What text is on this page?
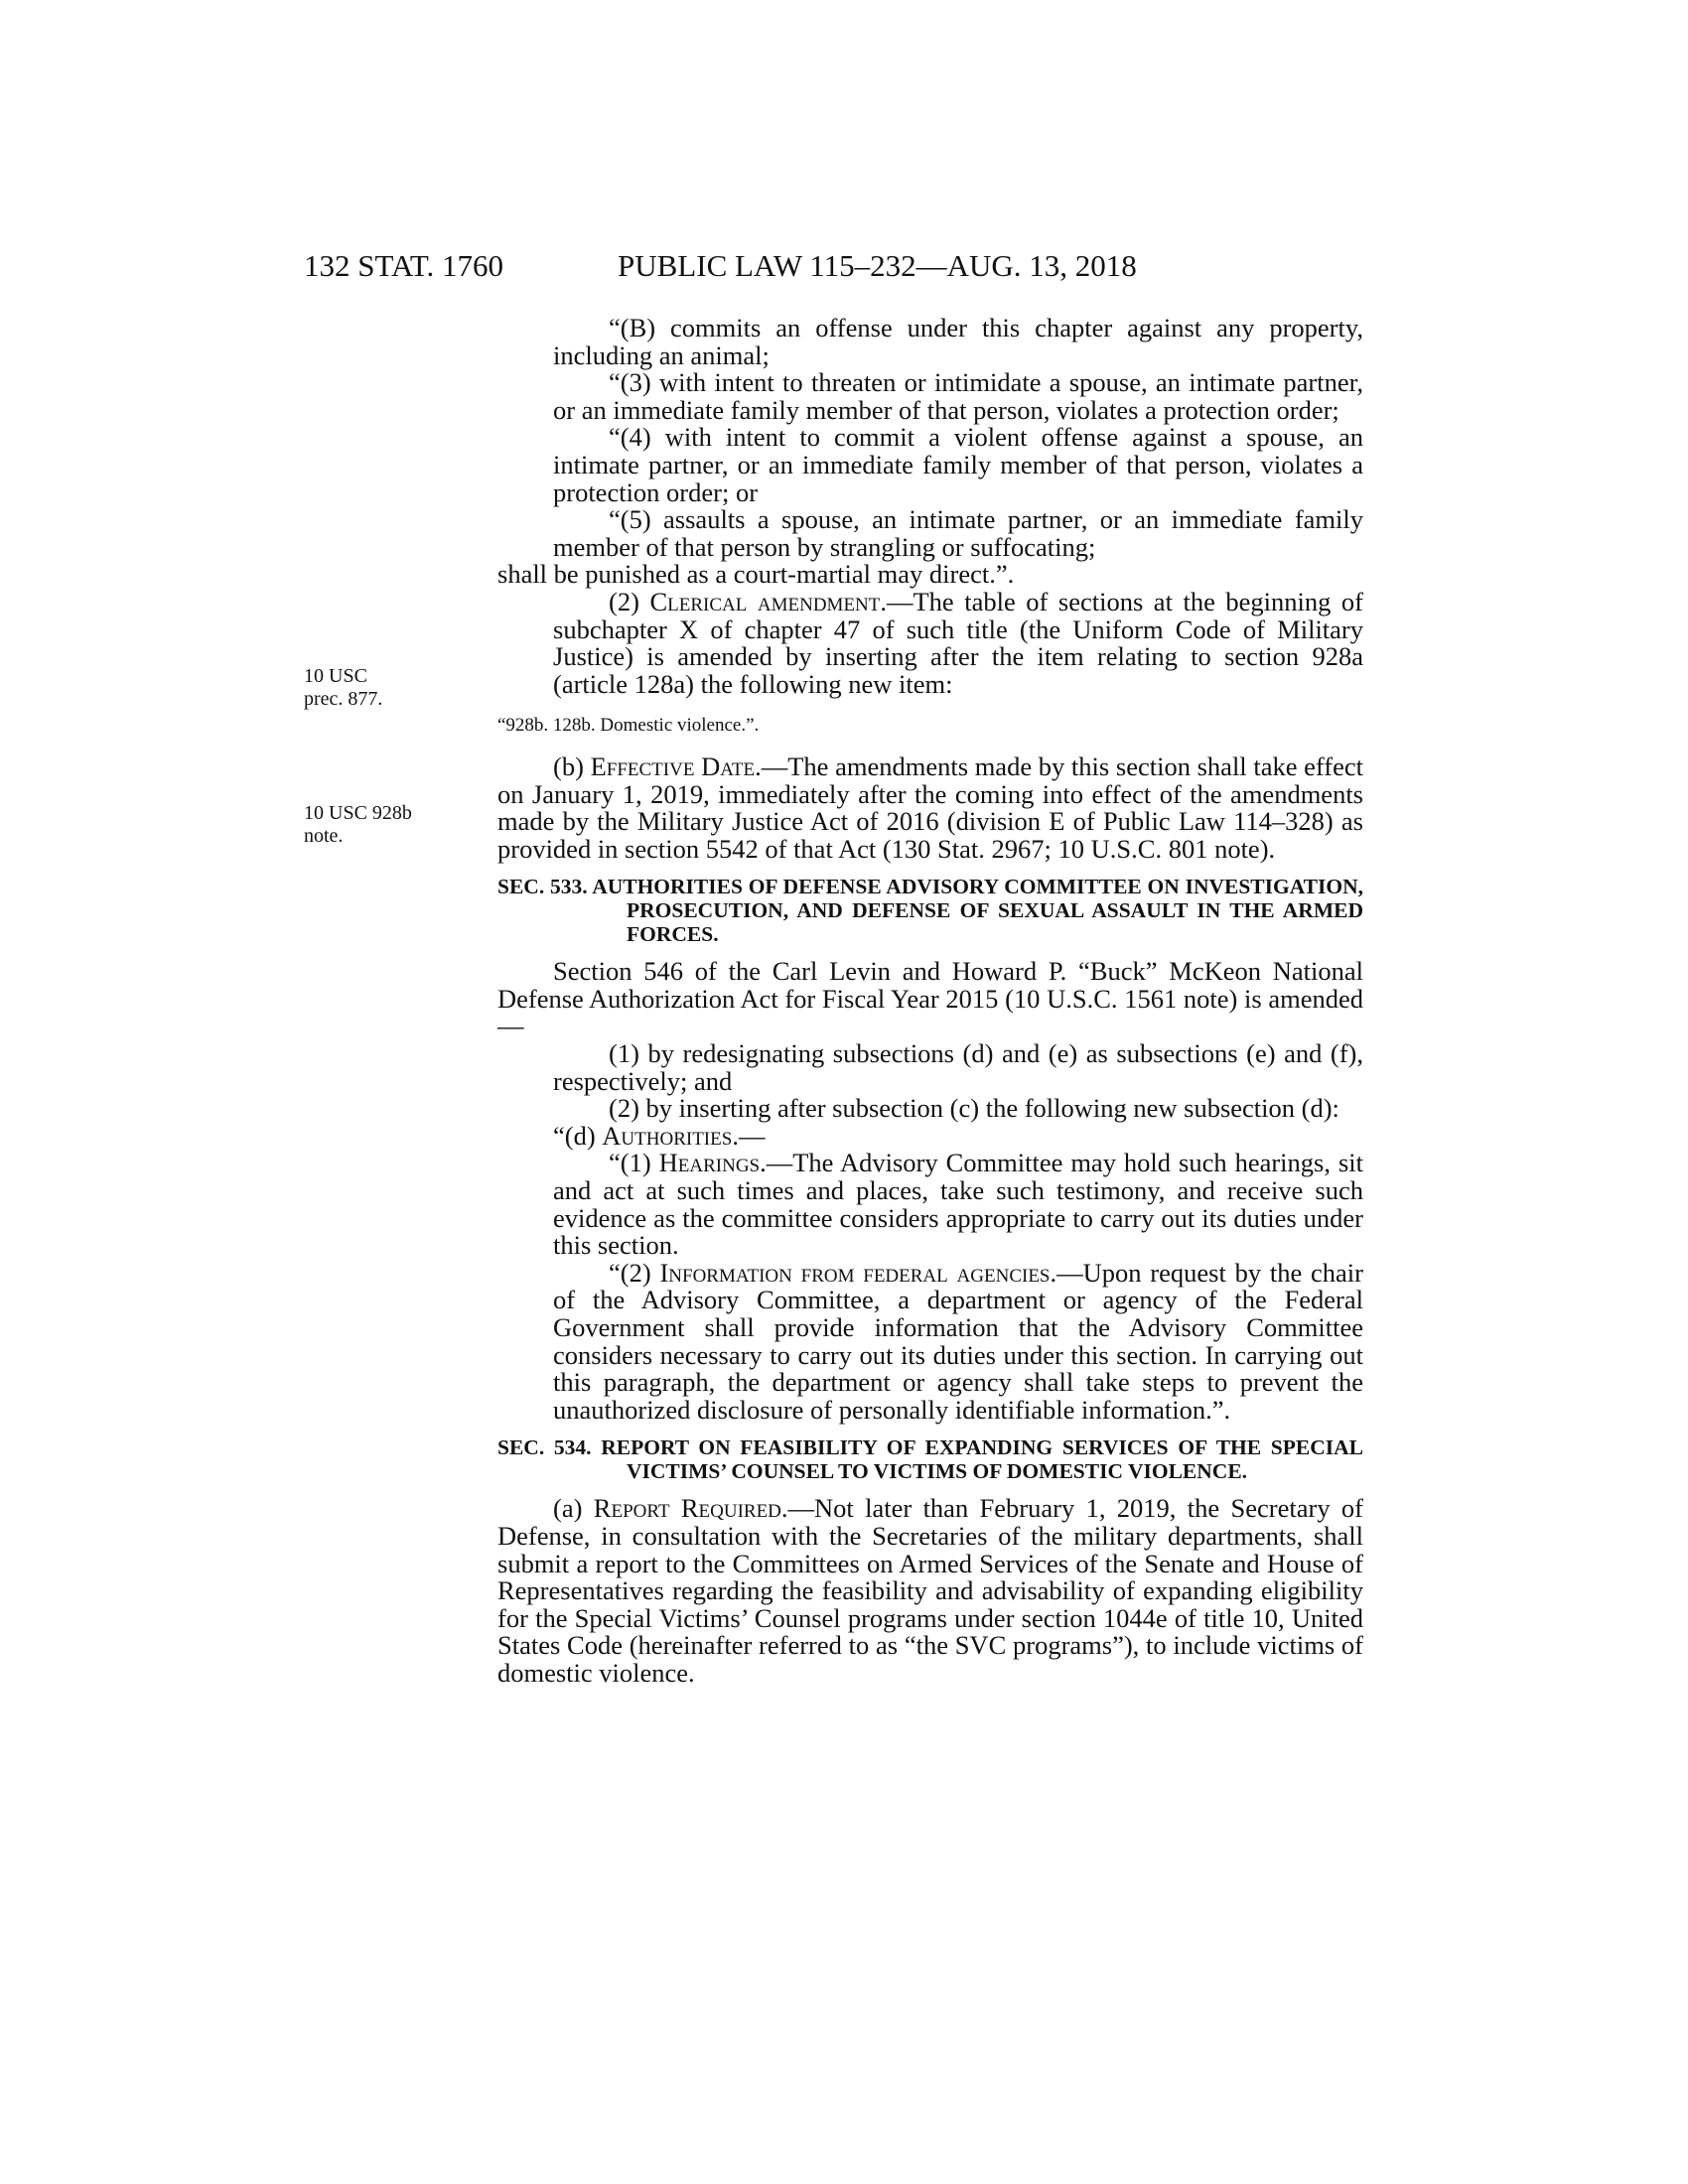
132 STAT. 1760	PUBLIC LAW 115–232—AUG. 13, 2018
10 USC
prec. 877.
10 USC 928b
note.

“(B) commits an offense under this chapter against any property, including an animal;

“(3) with intent to threaten or intimidate a spouse, an intimate partner, or an immediate family member of that person, violates a protection order;

“(4) with intent to commit a violent offense against a spouse, an intimate partner, or an immediate family member of that person, violates a protection order; or

“(5) assaults a spouse, an intimate partner, or an immediate family member of that person by strangling or suffocating;

shall be punished as a court-martial may direct.”.

(2) Clerical amendment.—The table of sections at the beginning of subchapter X of chapter 47 of such title (the Uniform Code of Military Justice) is amended by inserting after the item relating to section 928a (article 128a) the following new item:

“928b. 128b. Domestic violence.”.

(b) Effective Date.—The amendments made by this section shall take effect on January 1, 2019, immediately after the coming into effect of the amendments made by the Military Justice Act of 2016 (division E of Public Law 114–328) as provided in section 5542 of that Act (130 Stat. 2967; 10 U.S.C. 801 note).

SEC. 533. AUTHORITIES OF DEFENSE ADVISORY COMMITTEE ON INVESTIGATION, PROSECUTION, AND DEFENSE OF SEXUAL ASSAULT IN THE ARMED FORCES.

Section 546 of the Carl Levin and Howard P. “Buck” McKeon National Defense Authorization Act for Fiscal Year 2015 (10 U.S.C. 1561 note) is amended—

(1) by redesignating subsections (d) and (e) as subsections (e) and (f), respectively; and

(2) by inserting after subsection (c) the following new subsection (d):

“(d) Authorities.—

“(1) Hearings.—The Advisory Committee may hold such hearings, sit and act at such times and places, take such testimony, and receive such evidence as the committee considers appropriate to carry out its duties under this section.

“(2) Information from federal agencies.—Upon request by the chair of the Advisory Committee, a department or agency of the Federal Government shall provide information that the Advisory Committee considers necessary to carry out its duties under this section. In carrying out this paragraph, the department or agency shall take steps to prevent the unauthorized disclosure of personally identifiable information.”.

SEC. 534. REPORT ON FEASIBILITY OF EXPANDING SERVICES OF THE SPECIAL VICTIMS’ COUNSEL TO VICTIMS OF DOMESTIC VIOLENCE.

(a) Report Required.—Not later than February 1, 2019, the Secretary of Defense, in consultation with the Secretaries of the military departments, shall submit a report to the Committees on Armed Services of the Senate and House of Representatives regarding the feasibility and advisability of expanding eligibility for the Special Victims’ Counsel programs under section 1044e of title 10, United States Code (hereinafter referred to as “the SVC programs”), to include victims of domestic violence.
